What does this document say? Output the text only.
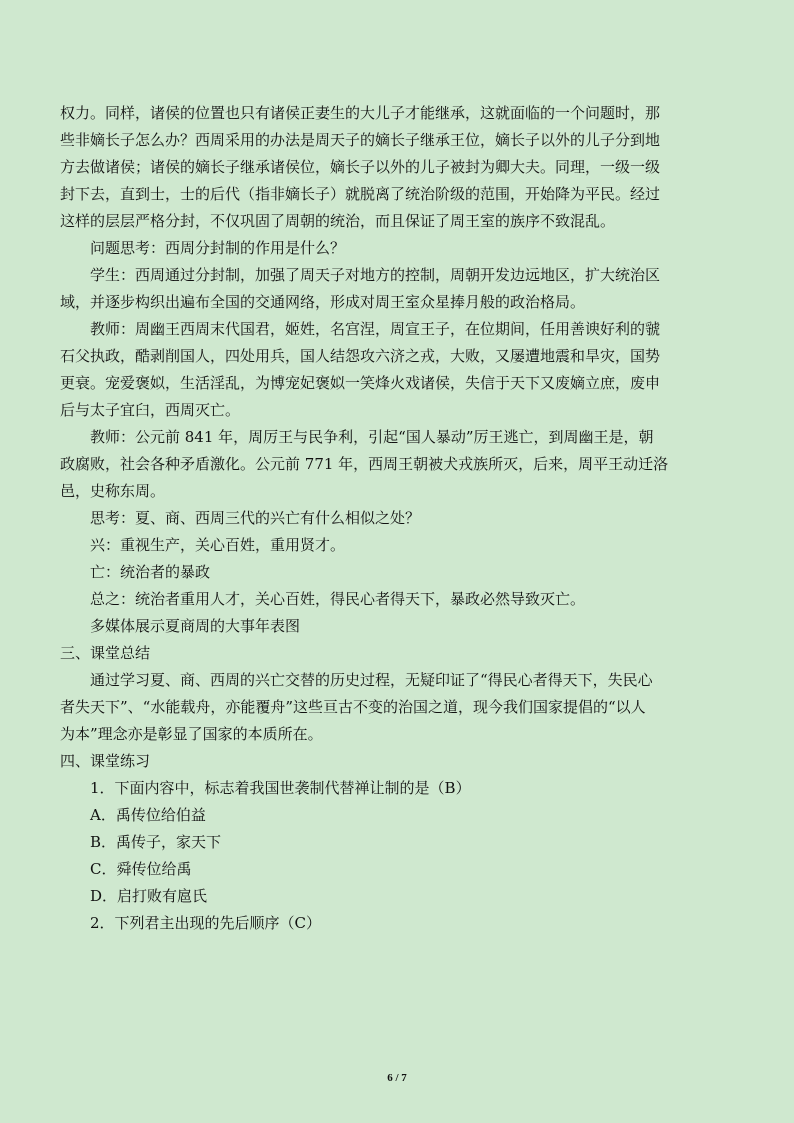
权力。同样，诸侯的位置也只有诸侯正妻生的大儿子才能继承，这就面临的一个问题时，那
些非嫡长子怎么办？西周采用的办法是周天子的嫡长子继承王位，嫡长子以外的儿子分到地
方去做诸侯；诸侯的嫡长子继承诸侯位，嫡长子以外的儿子被封为卿大夫。同理，一级一级
封下去，直到士，士的后代（指非嫡长子）就脱离了统治阶级的范围，开始降为平民。经过
这样的层层严格分封，不仅巩固了周朝的统治，而且保证了周王室的族序不致混乱。
问题思考：西周分封制的作用是什么？
学生：西周通过分封制，加强了周天子对地方的控制，周朝开发边远地区，扩大统治区
域，并逐步构织出遍布全国的交通网络，形成对周王室众星捧月般的政治格局。
教师：周幽王西周末代国君，姬姓，名宫涅，周宣王子，在位期间，任用善谀好利的虢
石父执政，酷剥削国人，四处用兵，国人结怨攻六济之戎，大败，又屡遭地震和旱灾，国势
更衰。宠爱褒姒，生活淫乱，为博宠妃褒姒一笑烽火戏诸侯，失信于天下又废嫡立庶，废申
后与太子宜臼，西周灭亡。
教师：公元前 841 年，周厉王与民争利，引起“国人暴动”厉王逃亡，到周幽王是，朝
政腐败，社会各种矛盾激化。公元前 771 年，西周王朝被犬戎族所灭，后来，周平王动迁洛
邑，史称东周。
思考：夏、商、西周三代的兴亡有什么相似之处？
兴：重视生产，关心百姓，重用贤才。
亡：统治者的暴政
总之：统治者重用人才，关心百姓，得民心者得天下，暴政必然导致灭亡。
多媒体展示夏商周的大事年表图
三、课堂总结
通过学习夏、商、西周的兴亡交替的历史过程，无疑印证了“得民心者得天下，失民心
者失天下”、“水能载舟，亦能覆舟”这些亘古不变的治国之道，现今我们国家提倡的“以人
为本”理念亦是彰显了国家的本质所在。
四、课堂练习
1．下面内容中，标志着我国世袭制代替禅让制的是（B）
A．禹传位给伯益
B．禹传子，家天下
C．舜传位给禹
D．启打败有扈氏
2．下列君主出现的先后顺序（C）
6 / 7
